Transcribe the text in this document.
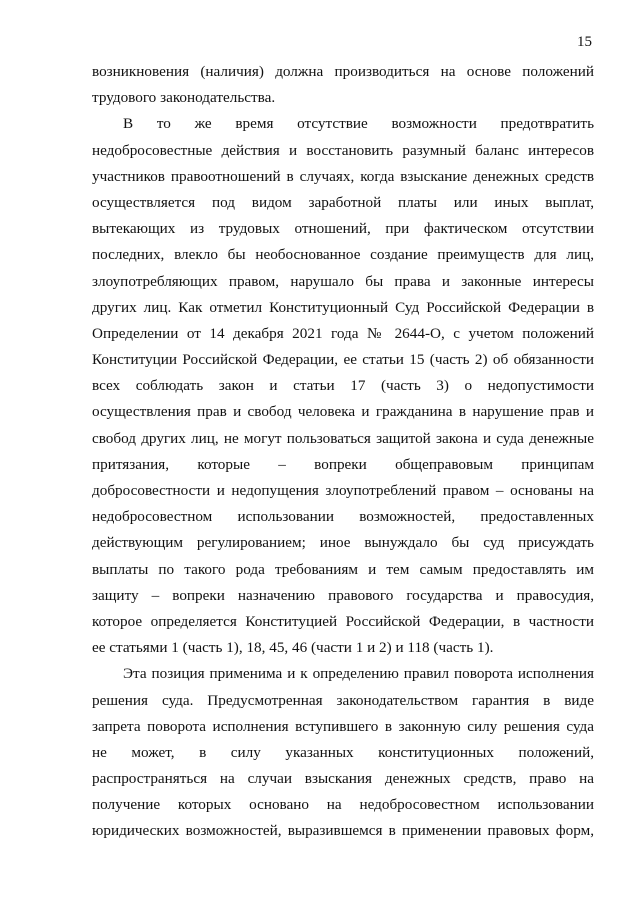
15
возникновения (наличия) должна производиться на основе положений
трудового законодательства.
В то же время отсутствие возможности предотвратить
недобросовестные действия и восстановить разумный баланс интересов
участников правоотношений в случаях, когда взыскание денежных средств
осуществляется под видом заработной платы или иных выплат,
вытекающих из трудовых отношений, при фактическом отсутствии
последних, влекло бы необоснованное создание преимуществ для лиц,
злоупотребляющих правом, нарушало бы права и законные интересы
других лиц. Как отметил Конституционный Суд Российской Федерации в
Определении от 14 декабря 2021 года № 2644-О, с учетом положений
Конституции Российской Федерации, ее статьи 15 (часть 2) об обязанности
всех соблюдать закон и статьи 17 (часть 3) о недопустимости
осуществления прав и свобод человека и гражданина в нарушение прав и
свобод других лиц, не могут пользоваться защитой закона и суда денежные
притязания, которые – вопреки общеправовым принципам
добросовестности и недопущения злоупотреблений правом – основаны на
недобросовестном использовании возможностей, предоставленных
действующим регулированием; иное вынуждало бы суд присуждать
выплаты по такого рода требованиям и тем самым предоставлять им
защиту – вопреки назначению правового государства и правосудия,
которое определяется Конституцией Российской Федерации, в частности
ее статьями 1 (часть 1), 18, 45, 46 (части 1 и 2) и 118 (часть 1).
Эта позиция применима и к определению правил поворота исполнения
решения суда. Предусмотренная законодательством гарантия в виде
запрета поворота исполнения вступившего в законную силу решения суда
не может, в силу указанных конституционных положений,
распространяться на случаи взыскания денежных средств, право на
получение которых основано на недобросовестном использовании
юридических возможностей, выразившемся в применении правовых форм,
